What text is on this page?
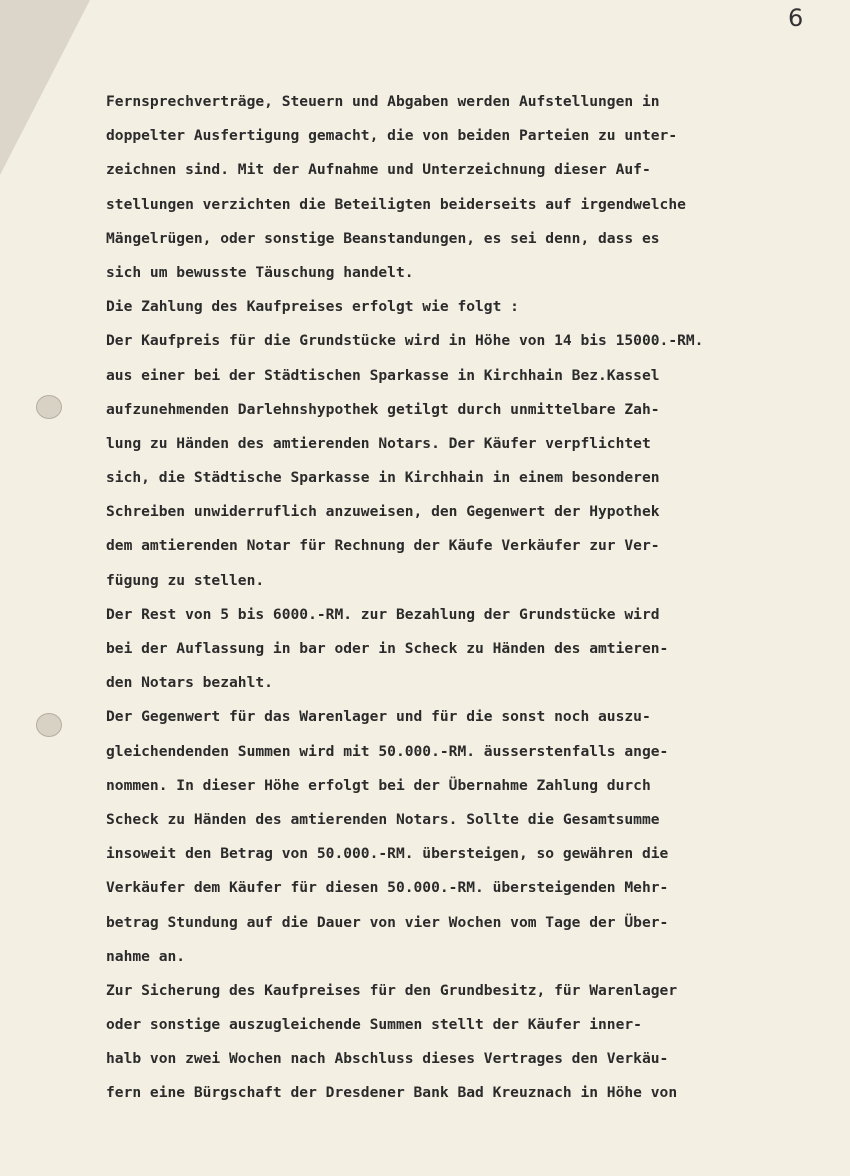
6
Fernsprechverträge, Steuern und Abgaben werden Aufstellungen in
doppelter Ausfertigung gemacht, die von beiden Parteien zu unter-
zeichnen sind. Mit der Aufnahme und Unterzeichnung dieser Auf-
stellungen verzichten die Beteiligten beiderseits auf irgendwelche
Mängelrügen, oder sonstige Beanstandungen, es sei denn, dass es
sich um bewusste Täuschung handelt.
Die Zahlung des Kaufpreises erfolgt wie folgt :
Der Kaufpreis für die Grundstücke wird in Höhe von 14 bis 15000.-RM.
aus einer bei der Städtischen Sparkasse in Kirchhain Bez.Kassel
aufzunehmenden Darlehnshypothek getilgt durch unmittelbare Zah-
lung zu Händen des amtierenden Notars. Der Käufer verpflichtet
sich, die Städtische Sparkasse in Kirchhain in einem besonderen
Schreiben unwiderruflich anzuweisen, den Gegenwert der Hypothek
dem amtierenden Notar für Rechnung der Käufe Verkäufer zur Ver-
fügung zu stellen.
Der Rest von 5 bis 6000.-RM. zur Bezahlung der Grundstücke wird
bei der Auflassung in bar oder in Scheck zu Händen des amtieren-
den Notars bezahlt.
Der Gegenwert für das Warenlager und für die sonst noch auszu-
gleichendenden Summen wird mit 50.000.-RM. äusserstenfalls ange-
nommen. In dieser Höhe erfolgt bei der Übernahme Zahlung durch
Scheck zu Händen des amtierenden Notars. Sollte die Gesamtsumme
insoweit den Betrag von 50.000.-RM. übersteigen, so gewähren die
Verkäufer dem Käufer für diesen 50.000.-RM. übersteigenden Mehr-
betrag Stundung auf die Dauer von vier Wochen vom Tage der Über-
nahme an.
Zur Sicherung des Kaufpreises für den Grundbesitz, für Warenlager
oder sonstige auszugleichende Summen stellt der Käufer inner-
halb von zwei Wochen nach Abschluss dieses Vertrages den Verkäu-
fern eine Bürgschaft der Dresdener Bank Bad Kreuznach in Höhe von
